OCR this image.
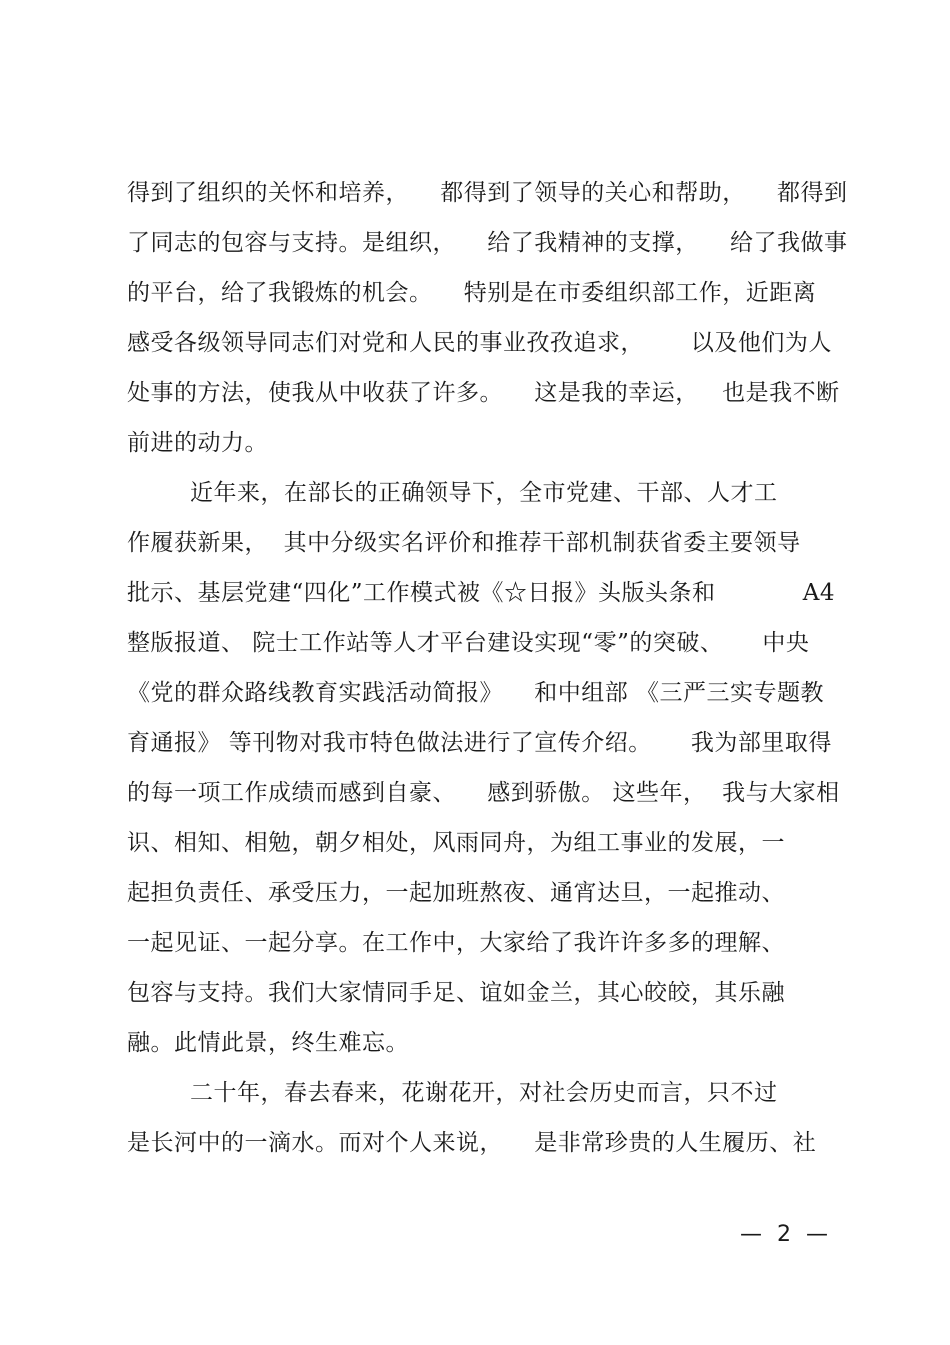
得到了组织的关怀和培养，    都得到了领导的关心和帮助，    都得到
了同志的包容与支持。是组织，    给了我精神的支撑，    给了我做事
的平台，给了我锻炼的机会。    特别是在市委组织部工作，近距离
感受各级领导同志们对党和人民的事业孜孜追求，      以及他们为人
处事的方法，使我从中收获了许多。    这是我的幸运，   也是我不断
前进的动力。
近年来，在部长的正确领导下，全市党建、干部、人才工
作履获新果，  其中分级实名评价和推荐干部机制获省委主要领导
批示、基层党建“四化”工作模式被《☆日报》头版头条和	A4
整版报道、 院士工作站等人才平台建设实现“零”的突破、     中央
《党的群众路线教育实践活动简报》    和中组部 《三严三实专题教
育通报》 等刊物对我市特色做法进行了宣传介绍。     我为部里取得
的每一项工作成绩而感到自豪、    感到骄傲。 这些年，  我与大家相
识、相知、相勉，朝夕相处，风雨同舟，为组工事业的发展，一
起担负责任、承受压力，一起加班熬夜、通宵达旦，一起推动、
一起见证、一起分享。在工作中，大家给了我许许多多的理解、
包容与支持。我们大家情同手足、谊如金兰，其心皎皎，其乐融
融。此情此景，终生难忘。
二十年，春去春来，花谢花开，对社会历史而言，只不过
是长河中的一滴水。而对个人来说，    是非常珍贵的人生履历、社
— 2 —
